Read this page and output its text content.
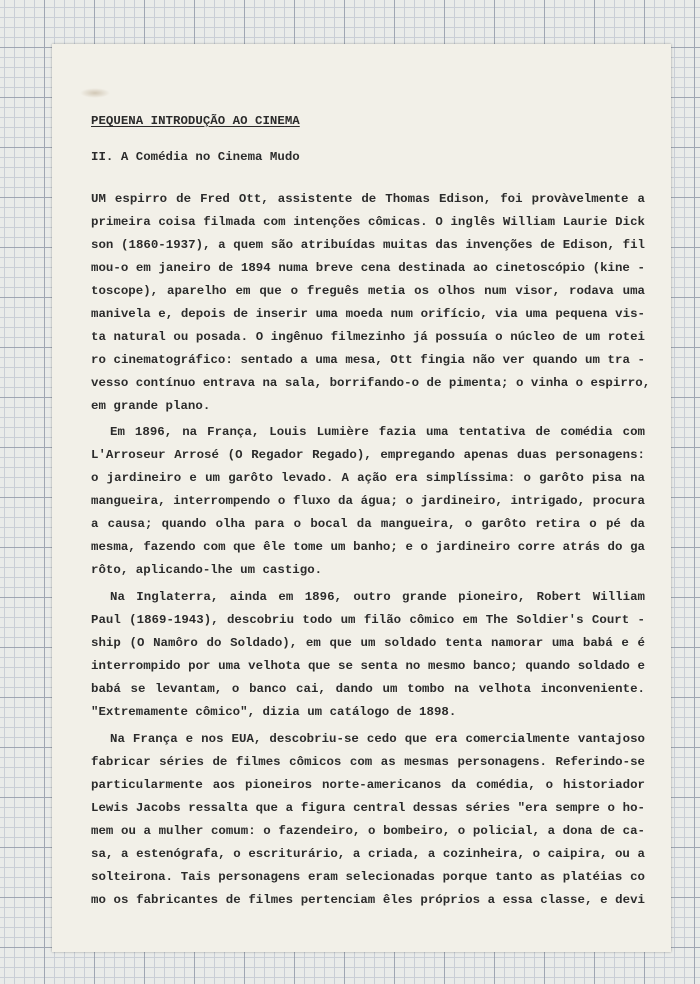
PEQUENA INTRODUÇÃO AO CINEMA

II. A Comédia no Cinema Mudo

UM espirro de Fred Ott, assistente de Thomas Edison, foi provàvelmente a

primeira coisa filmada com intenções cômicas. O inglês William Laurie Dick

son (1860-1937), a quem são atribuídas muitas das invenções de Edison, fil

mou-o em janeiro de 1894 numa breve cena destinada ao cinetoscópio (kine -

toscope), aparelho em que o freguês metia os olhos num visor, rodava uma

manivela e, depois de inserir uma moeda num orifício, via uma pequena vis-

ta natural ou posada. O ingênuo filmezinho já possuía o núcleo de um rotei

ro cinematográfico: sentado a uma mesa, Ott fingia não ver quando um tra -

vesso contínuo entrava na sala, borrifando-o de pimenta; o vinha o espirro,

em grande plano.

Em 1896, na França, Louis Lumière fazia uma tentativa de comédia com

L'Arroseur Arrosé (O Regador Regado), empregando apenas duas personagens:

o jardineiro e um garôto levado. A ação era simplíssima: o garôto pisa na

mangueira, interrompendo o fluxo da água; o jardineiro, intrigado, procura

a causa; quando olha para o bocal da mangueira, o garôto retira o pé da

mesma, fazendo com que êle tome um banho; e o jardineiro corre atrás do ga

rôto, aplicando-lhe um castigo.

Na Inglaterra, ainda em 1896, outro grande pioneiro, Robert William

Paul (1869-1943), descobriu todo um filão cômico em The Soldier's Court -

ship (O Namôro do Soldado), em que um soldado tenta namorar uma babá e é

interrompido por uma velhota que se senta no mesmo banco; quando soldado e

babá se levantam, o banco cai, dando um tombo na velhota inconveniente.

"Extremamente cômico", dizia um catálogo de 1898.

Na França e nos EUA, descobriu-se cedo que era comercialmente vantajoso

fabricar séries de filmes cômicos com as mesmas personagens. Referindo-se

particularmente aos pioneiros norte-americanos da comédia, o historiador

Lewis Jacobs ressalta que a figura central dessas séries "era sempre o ho-

mem ou a mulher comum: o fazendeiro, o bombeiro, o policial, a dona de ca-

sa, a estenógrafa, o escriturário, a criada, a cozinheira, o caipira, ou a

solteirona. Tais personagens eram selecionadas porque tanto as platéias co

mo os fabricantes de filmes pertenciam êles próprios a essa classe, e devi
